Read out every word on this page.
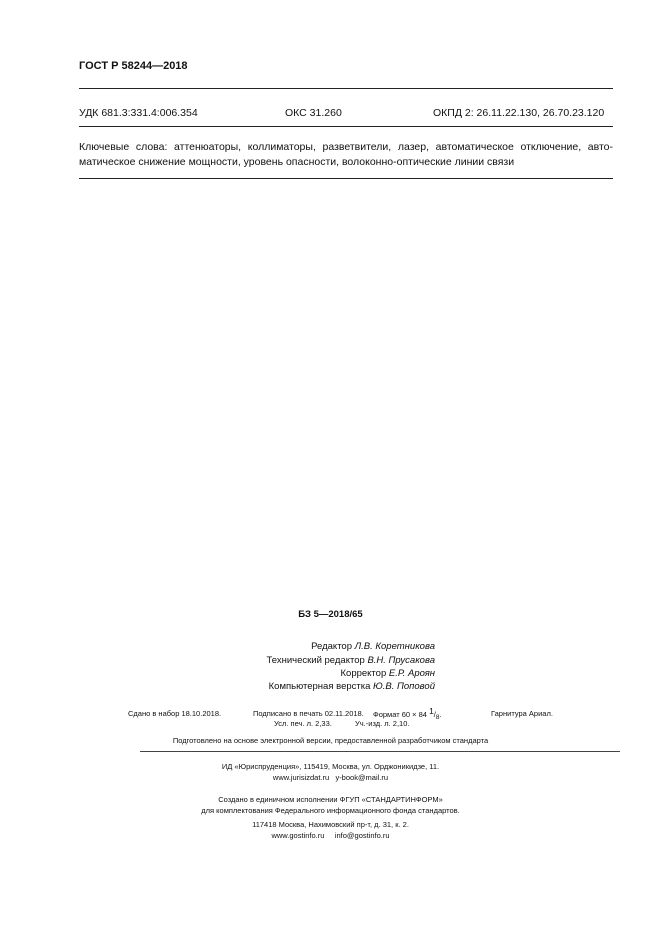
ГОСТ Р 58244—2018
УДК 681.3:331.4:006.354	ОКС 31.260	ОКПД 2: 26.11.22.130, 26.70.23.120
Ключевые слова: аттенюаторы, коллиматоры, разветвители, лазер, автоматическое отключение, авто-
матическое снижение мощности, уровень опасности, волоконно-оптические линии связи
БЗ 5—2018/65
Редактор Л.В. Коретникова
Технический редактор В.Н. Прусакова
Корректор Е.Р. Ароян
Компьютерная верстка Ю.В. Поповой
Сдано в набор 18.10.2018.	Подписано в печать 02.11.2018. Формат 60 × 84 $^1/_8$.	Гарнитура Ариал.
Усл. печ. л. 2,33.	Уч.-изд. л. 2,10.
Подготовлено на основе электронной версии, предоставленной разработчиком стандарта
ИД «Юриспруденция», 115419, Москва, ул. Орджоникидзе, 11.
www.jurisizdat.ru y-book@mail.ru
Создано в единичном исполнении ФГУП «СТАНДАРТИНФОРМ»
для комплектования Федерального информационного фонда стандартов.
117418 Москва, Нахимовский пр-т, д. 31, к. 2.
www.gostinfo.ru info@gostinfo.ru
